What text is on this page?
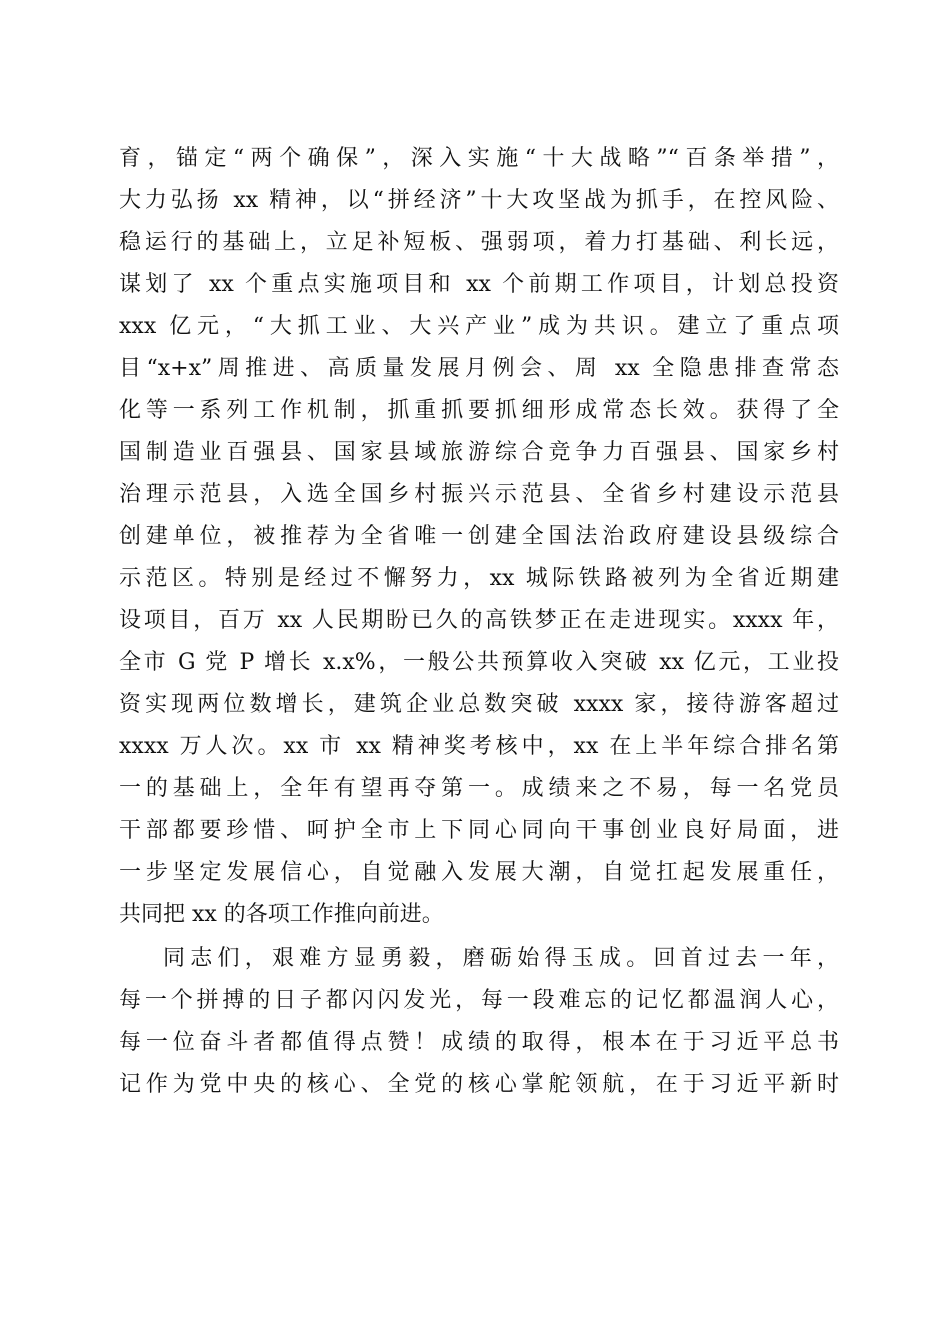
育，锚定“两个确保”，深入实施“十大战略”“百条举措”，
大力弘扬 xx 精神，以“拼经济”十大攻坚战为抓手，在控风险、
稳运行的基础上，立足补短板、强弱项，着力打基础、利长远，
谋划了 xx 个重点实施项目和 xx 个前期工作项目，计划总投资
xxx 亿元，“大抓工业、大兴产业”成为共识。建立了重点项
目“x+x”周推进、高质量发展月例会、周 xx 全隐患排查常态
化等一系列工作机制，抓重抓要抓细形成常态长效。获得了全
国制造业百强县、国家县域旅游综合竞争力百强县、国家乡村
治理示范县，入选全国乡村振兴示范县、全省乡村建设示范县
创建单位，被推荐为全省唯一创建全国法治政府建设县级综合
示范区。特别是经过不懈努力，xx 城际铁路被列为全省近期建
设项目，百万 xx 人民期盼已久的高铁梦正在走进现实。xxxx 年，
全市 G 党 P 增长 x.x%，一般公共预算收入突破 xx 亿元，工业投
资实现两位数增长，建筑企业总数突破 xxxx 家，接待游客超过
xxxx 万人次。xx 市 xx 精神奖考核中，xx 在上半年综合排名第
一的基础上，全年有望再夺第一。成绩来之不易，每一名党员
干部都要珍惜、呵护全市上下同心同向干事创业良好局面，进
一步坚定发展信心，自觉融入发展大潮，自觉扛起发展重任，
共同把 xx 的各项工作推向前进。
同志们，艰难方显勇毅，磨砺始得玉成。回首过去一年，
每一个拼搏的日子都闪闪发光，每一段难忘的记忆都温润人心，
每一位奋斗者都值得点赞！成绩的取得，根本在于习近平总书
记作为党中央的核心、全党的核心掌舵领航，在于习近平新时
